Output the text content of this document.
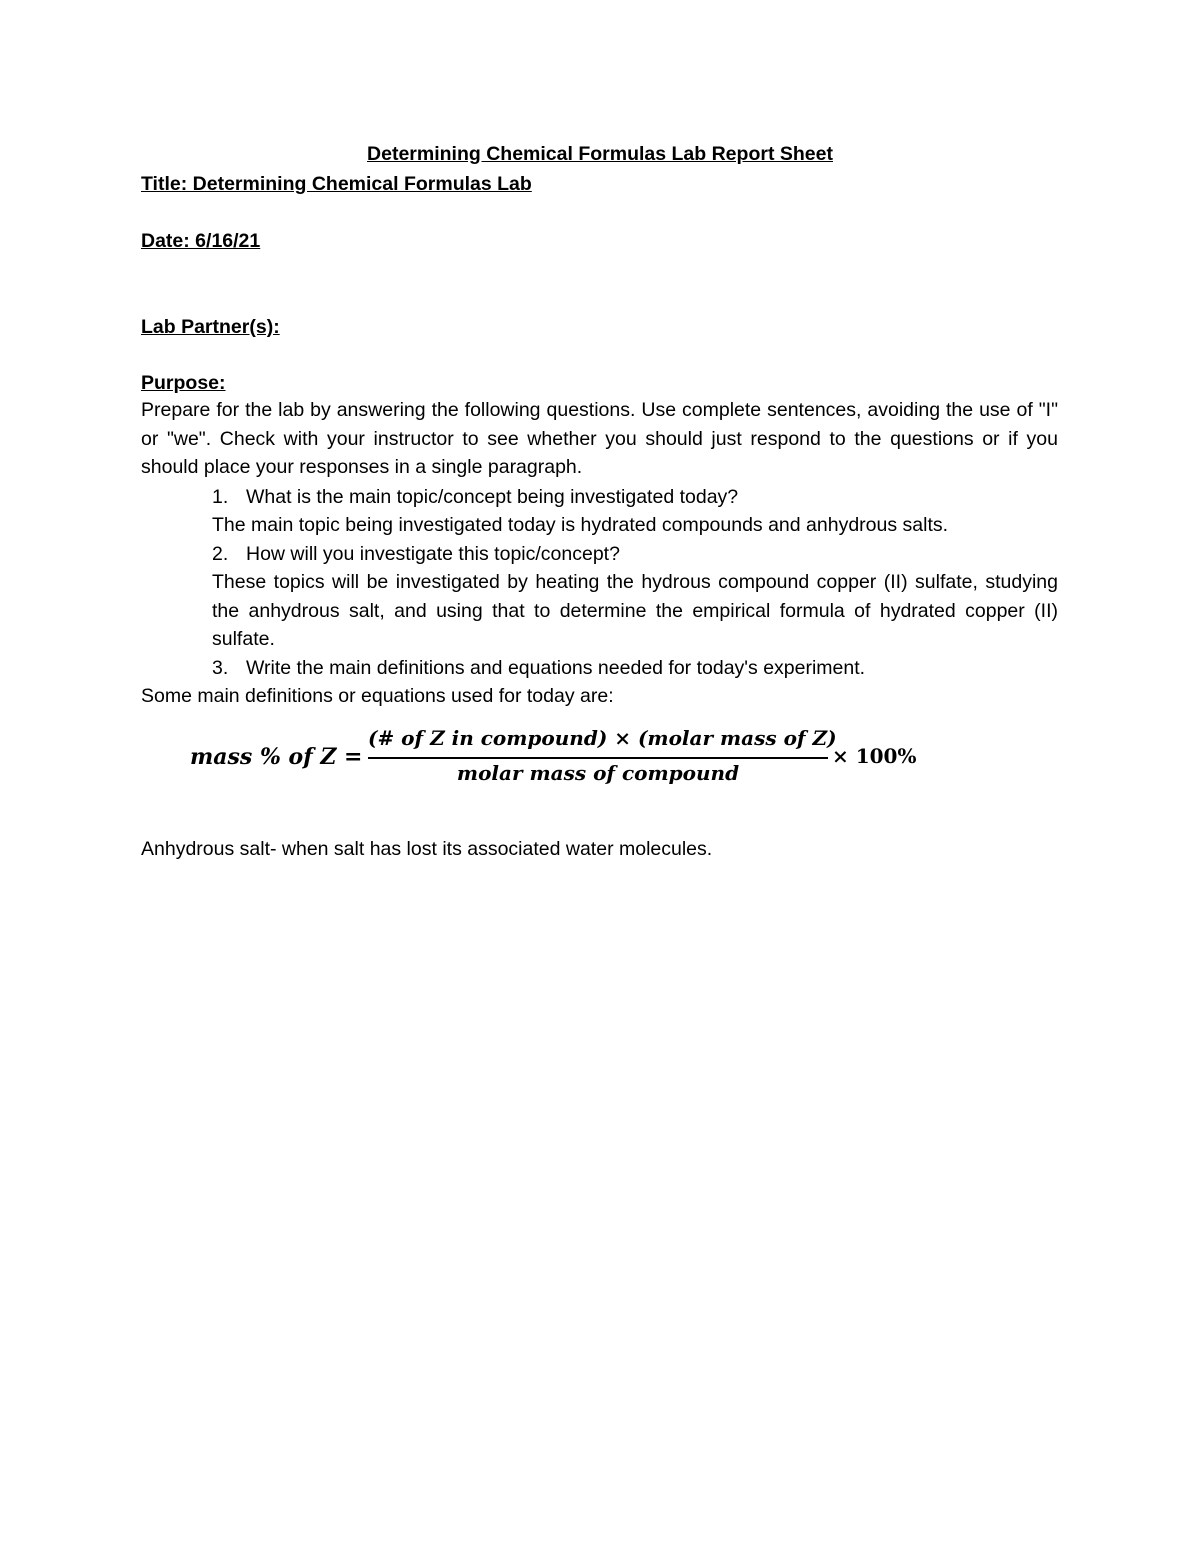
Determining Chemical Formulas Lab Report Sheet
Title: Determining Chemical Formulas Lab
Date: 6/16/21
Lab Partner(s):
Purpose:
Prepare for the lab by answering the following questions. Use complete sentences, avoiding the use of "I" or "we". Check with your instructor to see whether you should just respond to the questions or if you should place your responses in a single paragraph.
1. What is the main topic/concept being investigated today?
The main topic being investigated today is hydrated compounds and anhydrous salts.
2. How will you investigate this topic/concept?
These topics will be investigated by heating the hydrous compound copper (II) sulfate, studying the anhydrous salt, and using that to determine the empirical formula of hydrated copper (II) sulfate.
3. Write the main definitions and equations needed for today's experiment.
Some main definitions or equations used for today are:
mass % of Z =
(# of Z in compound) × (molar mass of Z)
molar mass of compound
× 100%
Anhydrous salt- when salt has lost its associated water molecules.
